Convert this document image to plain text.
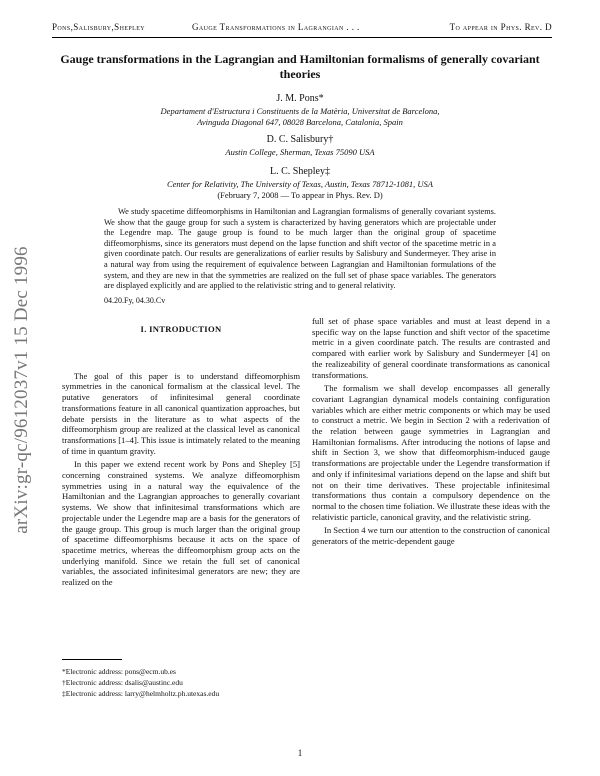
Pons,Salisbury,Shepley	Gauge Transformations in Lagrangian . . .	To appear in Phys. Rev. D
arXiv:gr-qc/9612037v1 15 Dec 1996
Gauge transformations in the Lagrangian and Hamiltonian formalisms of generally covariant theories
J. M. Pons*
Departament d'Estructura i Constituents de la Matèria, Universitat de Barcelona,
Avinguda Diagonal 647, 08028 Barcelona, Catalonia, Spain
D. C. Salisbury†
Austin College, Sherman, Texas 75090 USA
L. C. Shepley‡
Center for Relativity, The University of Texas, Austin, Texas 78712-1081, USA
(February 7, 2008 — To appear in Phys. Rev. D)

We study spacetime diffeomorphisms in Hamiltonian and Lagrangian formalisms of generally covariant systems. We show that the gauge group for such a system is characterized by having generators which are projectable under the Legendre map. The gauge group is found to be much larger than the original group of spacetime diffeomorphisms, since its generators must depend on the lapse function and shift vector of the spacetime metric in a given coordinate patch. Our results are generalizations of earlier results by Salisbury and Sundermeyer. They arise in a natural way from using the requirement of equivalence between Lagrangian and Hamiltonian formulations of the system, and they are new in that the symmetries are realized on the full set of phase space variables. The generators are displayed explicitly and are applied to the relativistic string and to general relativity.

04.20.Fy, 04.30.Cv

I. INTRODUCTION

The goal of this paper is to understand diffeomorphism symmetries in the canonical formalism at the classical level. The putative generators of infinitesimal general coordinate transformations feature in all canonical quantization approaches, but debate persists in the literature as to what aspects of the diffeomorphism group are realized at the classical level as canonical transformations [1–4]. This issue is intimately related to the meaning of time in quantum gravity.

In this paper we extend recent work by Pons and Shepley [5] concerning constrained systems. We analyze diffeomorphism symmetries using in a natural way the equivalence of the Hamiltonian and the Lagrangian approaches to generally covariant systems. We show that infinitesimal transformations which are projectable under the Legendre map are a basis for the generators of the gauge group. This group is much larger than the original group of spacetime diffeomorphisms because it acts on the space of spacetime metrics, whereas the diffeomorphism group acts on the underlying manifold. Since we retain the full set of canonical variables, the associated infinitesimal generators are new; they are realized on the

full set of phase space variables and must at least depend in a specific way on the lapse function and shift vector of the spacetime metric in a given coordinate patch. The results are contrasted and compared with earlier work by Salisbury and Sundermeyer [4] on the realizeability of general coordinate transformations as canonical transformations.

The formalism we shall develop encompasses all generally covariant Lagrangian dynamical models containing configuration variables which are either metric components or which may be used to construct a metric. We begin in Section 2 with a rederivation of the relation between gauge symmetries in Lagrangian and Hamiltonian formalisms. After introducing the notions of lapse and shift in Section 3, we show that diffeomorphism-induced gauge transformations are projectable under the Legendre transformation if and only if infinitesimal variations depend on the lapse and shift but not on their time derivatives. These projectable infinitesimal transformations thus contain a compulsory dependence on the normal to the chosen time foliation. We illustrate these ideas with the relativistic particle, canonical gravity, and the relativistic string.

In Section 4 we turn our attention to the construction of canonical generators of the metric-dependent gauge

*Electronic address: pons@ecm.ub.es
†Electronic address: dsalis@austinc.edu
‡Electronic address: larry@helmholtz.ph.utexas.edu
1
